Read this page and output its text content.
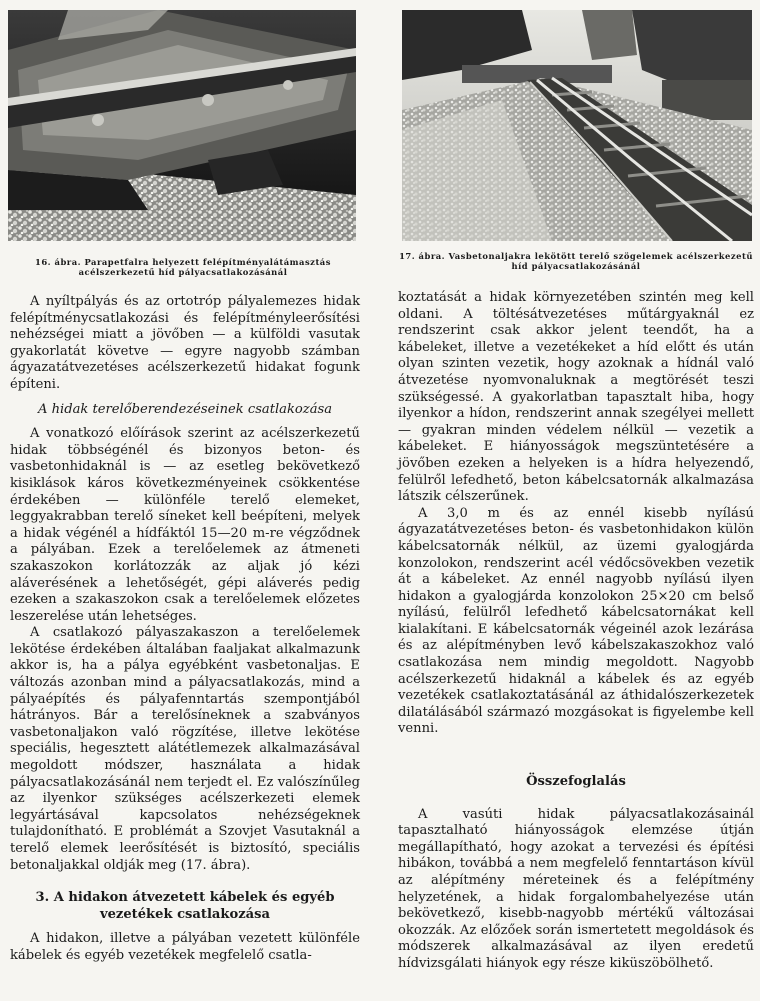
16. ábra. Parapetfalra helyezett felépítményalátámasztás acélszerkezetű híd pályacsatlakozásánál
17. ábra. Vasbetonaljakra lekötött terelő szögelemek acélszerkezetű híd pályacsatlakozásánál

A nyíltpályás és az ortotróp pályalemezes hidak felépítménycsatlakozási és felépítményleerősítési nehézségei miatt a jövőben — a külföldi vasutak gyakorlatát követve — egyre nagyobb számban ágyazatátvezetéses acélszerkezetű hidakat fogunk építeni.

A hidak terelőberendezéseinek csatlakozása

A vonatkozó előírások szerint az acélszerkezetű hidak többségénél és bizonyos beton- és vasbetonhidaknál is — az esetleg bekövetkező kisiklások káros következményeinek csökkentése érdekében — különféle terelő elemeket, leggyakrabban terelő síneket kell beépíteni, melyek a hidak végénél a hídfáktól 15—20 m-re végződnek a pályában. Ezek a terelőelemek az átmeneti szakaszokon korlátozzák az aljak jó kézi aláverésének a lehetőségét, gépi aláverés pedig ezeken a szakaszokon csak a terelőelemek előzetes leszerelése után lehetséges.

A csatlakozó pályaszakaszon a terelőelemek lekötése érdekében általában faaljakat alkalmazunk akkor is, ha a pálya egyébként vasbetonaljas. E változás azonban mind a pályacsatlakozás, mind a pályaépítés és pályafenntartás szempontjából hátrányos. Bár a terelősíneknek a szabványos vasbetonaljakon való rögzítése, illetve lekötése speciális, hegesztett alátétlemezek alkalmazásával megoldott módszer, használata a hidak pályacsatlakozásánál nem terjedt el. Ez valószínűleg az ilyenkor szükséges acélszerkezeti elemek legyártásával kapcsolatos nehézségeknek tulajdonítható. E problémát a Szovjet Vasutaknál a terelő elemek leerősítését is biztosító, speciális betonaljakkal oldják meg (17. ábra).

3. A hidakon átvezetett kábelek és egyéb vezetékek csatlakozása

A hidakon, illetve a pályában vezetett különféle kábelek és egyéb vezetékek megfelelő csatla-

koztatását a hidak környezetében szintén meg kell oldani. A töltésátvezetéses műtárgyaknál ez rendszerint csak akkor jelent teendőt, ha a kábeleket, illetve a vezetékeket a híd előtt és után olyan szinten vezetik, hogy azoknak a hídnál való átvezetése nyomvonaluknak a megtörését teszi szükségessé. A gyakorlatban tapasztalt hiba, hogy ilyenkor a hídon, rendszerint annak szegélyei mellett — gyakran minden védelem nélkül — vezetik a kábeleket. E hiányosságok megszüntetésére a jövőben ezeken a helyeken is a hídra helyezendő, felülről lefedhető, beton kábelcsatornák alkalmazása látszik célszerűnek.

A 3,0 m és az ennél kisebb nyílású ágyazatátvezetéses beton- és vasbetonhidakon külön kábelcsatornák nélkül, az üzemi gyalogjárda konzolokon, rendszerint acél védőcsövekben vezetik át a kábeleket. Az ennél nagyobb nyílású ilyen hidakon a gyalogjárda konzolokon 25×20 cm belső nyílású, felülről lefedhető kábelcsatornákat kell kialakítani. E kábelcsatornák végeinél azok lezárása és az alépítményben levő kábelszakaszokhoz való csatlakozása nem mindig megoldott. Nagyobb acélszerkezetű hidaknál a kábelek és az egyéb vezetékek csatlakoztatásánál az áthidalószerkezetek dilatálásából származó mozgásokat is figyelembe kell venni.

Összefoglalás

A vasúti hidak pályacsatlakozásainál tapasztalható hiányosságok elemzése útján megállapítható, hogy azokat a tervezési és építési hibákon, továbbá a nem megfelelő fenntartáson kívül az alépítmény méreteinek és a felépítmény helyzetének, a hidak forgalombahelyezése után bekövetkező, kisebb-nagyobb mértékű változásai okozzák. Az előzőek során ismertetett megoldások és módszerek alkalmazásával az ilyen eredetű hídvizsgálati hiányok egy része kiküszöbölhető.
